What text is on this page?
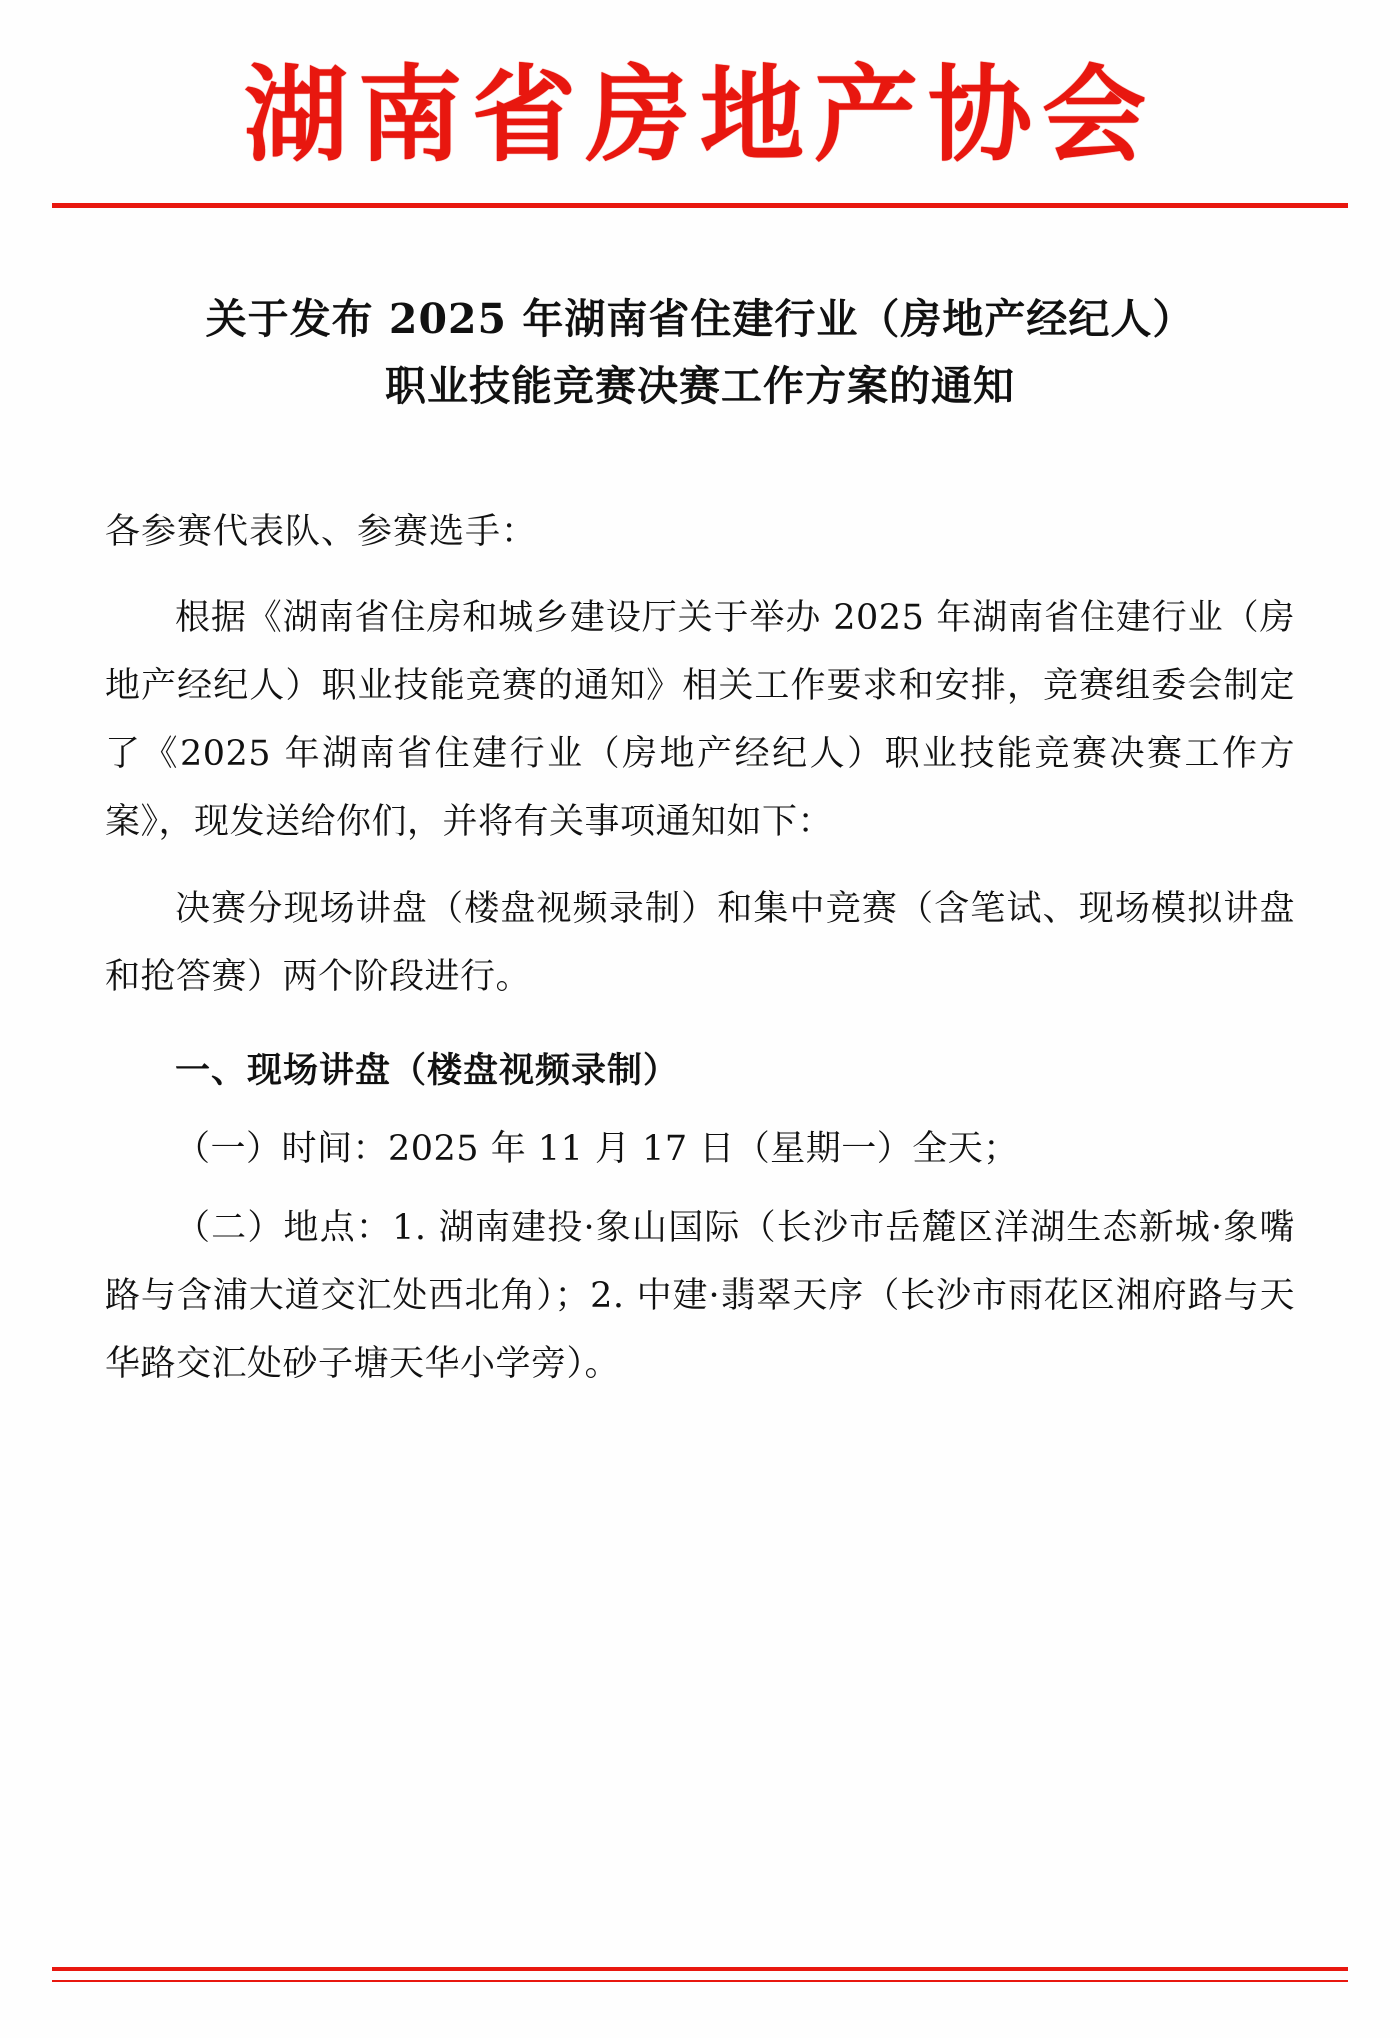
湖南省房地产协会
关于发布 2025 年湖南省住建行业（房地产经纪人）
职业技能竞赛决赛工作方案的通知
各参赛代表队、参赛选手：

根据《湖南省住房和城乡建设厅关于举办 2025 年湖南省住建行业（房地产经纪人）职业技能竞赛的通知》相关工作要求和安排，竞赛组委会制定了《2025 年湖南省住建行业（房地产经纪人）职业技能竞赛决赛工作方案》，现发送给你们，并将有关事项通知如下：

决赛分现场讲盘（楼盘视频录制）和集中竞赛（含笔试、现场模拟讲盘和抢答赛）两个阶段进行。

一、现场讲盘（楼盘视频录制）
（一）时间：2025 年 11 月 17 日（星期一）全天；
（二）地点：1. 湖南建投·象山国际（长沙市岳麓区洋湖生态新城·象嘴路与含浦大道交汇处西北角）；2. 中建·翡翠天序（长沙市雨花区湘府路与天华路交汇处砂子塘天华小学旁）。
